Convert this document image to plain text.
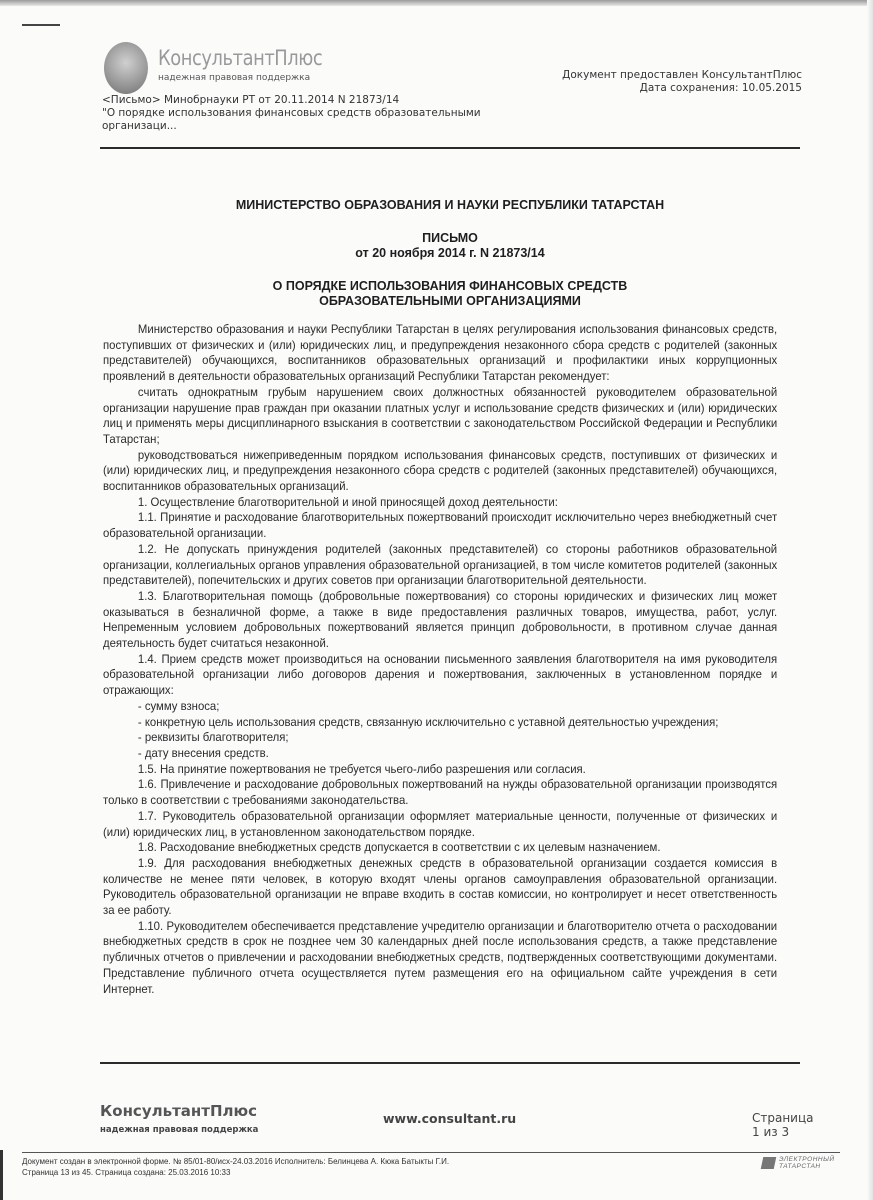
КонсультантПлюс
надежная правовая поддержка
<Письмо> Минобрнауки РТ от 20.11.2014 N 21873/14
"О порядке использования финансовых средств образовательными
организаци...
Документ предоставлен КонсультантПлюс
Дата сохранения: 10.05.2015
МИНИСТЕРСТВО ОБРАЗОВАНИЯ И НАУКИ РЕСПУБЛИКИ ТАТАРСТАН
ПИСЬМО
от 20 ноября 2014 г. N 21873/14
О ПОРЯДКЕ ИСПОЛЬЗОВАНИЯ ФИНАНСОВЫХ СРЕДСТВ
ОБРАЗОВАТЕЛЬНЫМИ ОРГАНИЗАЦИЯМИ

Министерство образования и науки Республики Татарстан в целях регулирования использования финансовых средств, поступивших от физических и (или) юридических лиц, и предупреждения незаконного сбора средств с родителей (законных представителей) обучающихся, воспитанников образовательных организаций и профилактики иных коррупционных проявлений в деятельности образовательных организаций Республики Татарстан рекомендует:

считать однократным грубым нарушением своих должностных обязанностей руководителем образовательной организации нарушение прав граждан при оказании платных услуг и использование средств физических и (или) юридических лиц и применять меры дисциплинарного взыскания в соответствии с законодательством Российской Федерации и Республики Татарстан;

руководствоваться нижеприведенным порядком использования финансовых средств, поступивших от физических и (или) юридических лиц, и предупреждения незаконного сбора средств с родителей (законных представителей) обучающихся, воспитанников образовательных организаций.

1. Осуществление благотворительной и иной приносящей доход деятельности:

1.1. Принятие и расходование благотворительных пожертвований происходит исключительно через внебюджетный счет образовательной организации.

1.2. Не допускать принуждения родителей (законных представителей) со стороны работников образовательной организации, коллегиальных органов управления образовательной организацией, в том числе комитетов родителей (законных представителей), попечительских и других советов при организации благотворительной деятельности.

1.3. Благотворительная помощь (добровольные пожертвования) со стороны юридических и физических лиц может оказываться в безналичной форме, а также в виде предоставления различных товаров, имущества, работ, услуг. Непременным условием добровольных пожертвований является принцип добровольности, в противном случае данная деятельность будет считаться незаконной.

1.4. Прием средств может производиться на основании письменного заявления благотворителя на имя руководителя образовательной организации либо договоров дарения и пожертвования, заключенных в установленном порядке и отражающих:

- сумму взноса;

- конкретную цель использования средств, связанную исключительно с уставной деятельностью учреждения;

- реквизиты благотворителя;

- дату внесения средств.

1.5. На принятие пожертвования не требуется чьего-либо разрешения или согласия.

1.6. Привлечение и расходование добровольных пожертвований на нужды образовательной организации производятся только в соответствии с требованиями законодательства.

1.7. Руководитель образовательной организации оформляет материальные ценности, полученные от физических и (или) юридических лиц, в установленном законодательством порядке.

1.8. Расходование внебюджетных средств допускается в соответствии с их целевым назначением.

1.9. Для расходования внебюджетных денежных средств в образовательной организации создается комиссия в количестве не менее пяти человек, в которую входят члены органов самоуправления образовательной организации. Руководитель образовательной организации не вправе входить в состав комиссии, но контролирует и несет ответственность за ее работу.

1.10. Руководителем обеспечивается представление учредителю организации и благотворителю отчета о расходовании внебюджетных средств в срок не позднее чем 30 календарных дней после использования средств, а также представление публичных отчетов о привлечении и расходовании внебюджетных средств, подтвержденных соответствующими документами. Представление публичного отчета осуществляется путем размещения его на официальном сайте учреждения в сети Интернет.

КонсультантПлюс
надежная правовая поддержка
www.consultant.ru	Страница 1 из 3
Документ создан в электронной форме. № 85/01-80/исх-24.03.2016 Исполнитель: Белинцева А. Кюка Батыкты Г.И.
Страница 13 из 45. Страница создана: 25.03.2016 10:33
ЭЛЕКТРОННЫЙ
ТАТАРСТАН
